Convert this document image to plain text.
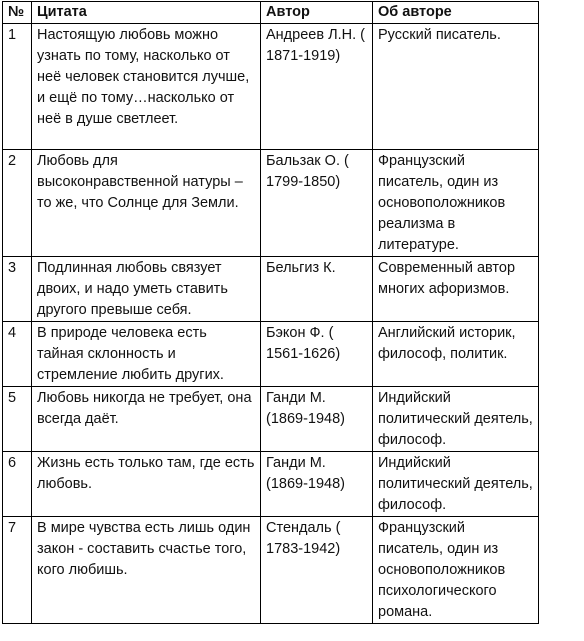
№	Цитата	Автор	Об авторе
1	Настоящую любовь можно узнать по тому, насколько от неё человек становится лучше, и ещё по тому…насколько от неё в душе светлеет.	Андреев Л.Н. ( 1871-1919)	Русский писатель.
2	Любовь для высоконравственной натуры – то же, что Солнце для Земли.	Бальзак О. ( 1799-1850)	Французский писатель, один из основоположников реализма в литературе.
3	Подлинная любовь связует двоих, и надо уметь ставить другого превыше себя.	Бельгиз К.	Современный автор многих афоризмов.
4	В природе человека есть тайная склонность и стремление любить других.	Бэкон Ф. ( 1561-1626)	Английский историк, философ, политик.
5	Любовь никогда не требует, она всегда даёт.	Ганди М. (1869-1948)	Индийский политический деятель, философ.
6	Жизнь есть только там, где есть любовь.	Ганди М. (1869-1948)	Индийский политический деятель, философ.
7	В мире чувства есть лишь один закон - составить счастье того, кого любишь.	Стендаль ( 1783-1942)	Французский писатель, один из основоположников психологического романа.
